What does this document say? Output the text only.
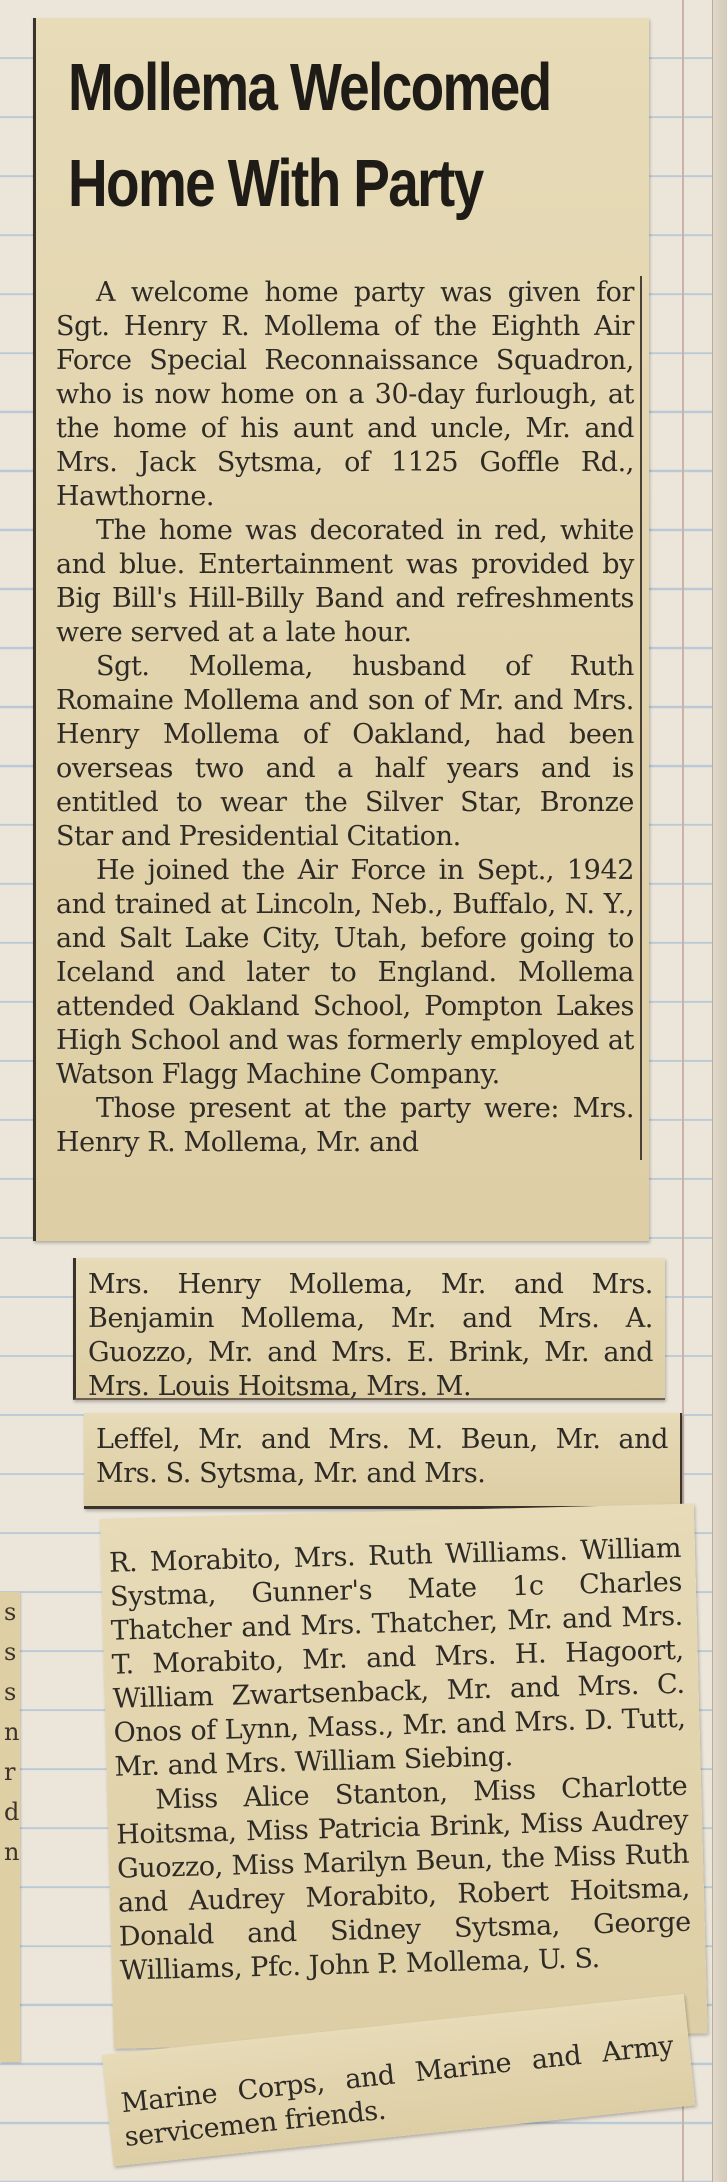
Mollema Welcomed
Home With Party

A welcome home party was given for Sgt. Henry R. Mollema of the Eighth Air Force Special Reconnaissance Squadron, who is now home on a 30-day furlough, at the home of his aunt and uncle, Mr. and Mrs. Jack Sytsma, of 1125 Goffle Rd., Hawthorne.

The home was decorated in red, white and blue. Entertainment was provided by Big Bill's Hill-Billy Band and refreshments were served at a late hour.

Sgt. Mollema, husband of Ruth Romaine Mollema and son of Mr. and Mrs. Henry Mollema of Oakland, had been overseas two and a half years and is entitled to wear the Silver Star, Bronze Star and Presidential Citation.

He joined the Air Force in Sept., 1942 and trained at Lincoln, Neb., Buffalo, N. Y., and Salt Lake City, Utah, before going to Iceland and later to England. Mollema attended Oakland School, Pompton Lakes High School and was formerly employed at Watson Flagg Machine Company.

Those present at the party were: Mrs. Henry R. Mollema, Mr. and

Mrs. Henry Mollema, Mr. and Mrs. Benjamin Mollema, Mr. and Mrs. A. Guozzo, Mr. and Mrs. E. Brink, Mr. and Mrs. Louis Hoitsma, Mrs. M.

Leffel, Mr. and Mrs. M. Beun, Mr. and Mrs. S. Sytsma, Mr. and Mrs.

R. Morabito, Mrs. Ruth Williams. William Systma, Gunner's Mate 1c Charles Thatcher and Mrs. Thatcher, Mr. and Mrs. T. Morabito, Mr. and Mrs. H. Hagoort, William Zwartsenback, Mr. and Mrs. C. Onos of Lynn, Mass., Mr. and Mrs. D. Tutt, Mr. and Mrs. William Siebing.

Miss Alice Stanton, Miss Charlotte Hoitsma, Miss Patricia Brink, Miss Audrey Guozzo, Miss Marilyn Beun, the Miss Ruth and Audrey Morabito, Robert Hoitsma, Donald and Sidney Sytsma, George Williams, Pfc. John P. Mollema, U. S.

Marine Corps, and Marine and Army servicemen friends.

s
s
s
n
r
d
n
